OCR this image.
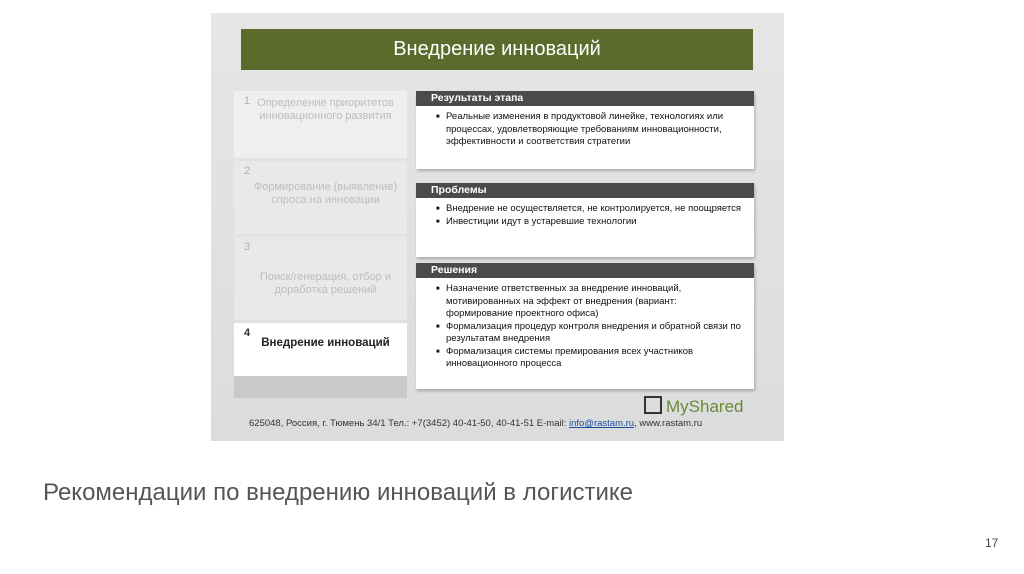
Внедрение инноваций
1 Определение приоритетов инновационного развития
2
Формирование (выявление) спроса на инновации
3
Поиск/генерация, отбор и доработка решений
4
Внедрение инноваций
Результаты этапа
■ Реальные изменения в продуктовой линейке, технологиях или процессах, удовлетворяющие требованиям инновационности, эффективности и соответствия стратегии
Проблемы
■ Внедрение не осуществляется, не контролируется, не поощряется
■ Инвестиции идут в устаревшие технологии
Решения
■ Назначение ответственных за внедрение инноваций, мотивированных на эффект от внедрения (вариант: формирование проектного офиса)
■ Формализация процедур контроля внедрения и обратной связи по результатам внедрения
■ Формализация системы премирования всех участников инновационного процесса
MyShared
625048, Россия, г. Тюмень 34/1 Тел.: +7(3452) 40-41-50, 40-41-51 E-mail: info@rastam.ru, www.rastam.ru
Рекомендации по внедрению инноваций в логистике
17
